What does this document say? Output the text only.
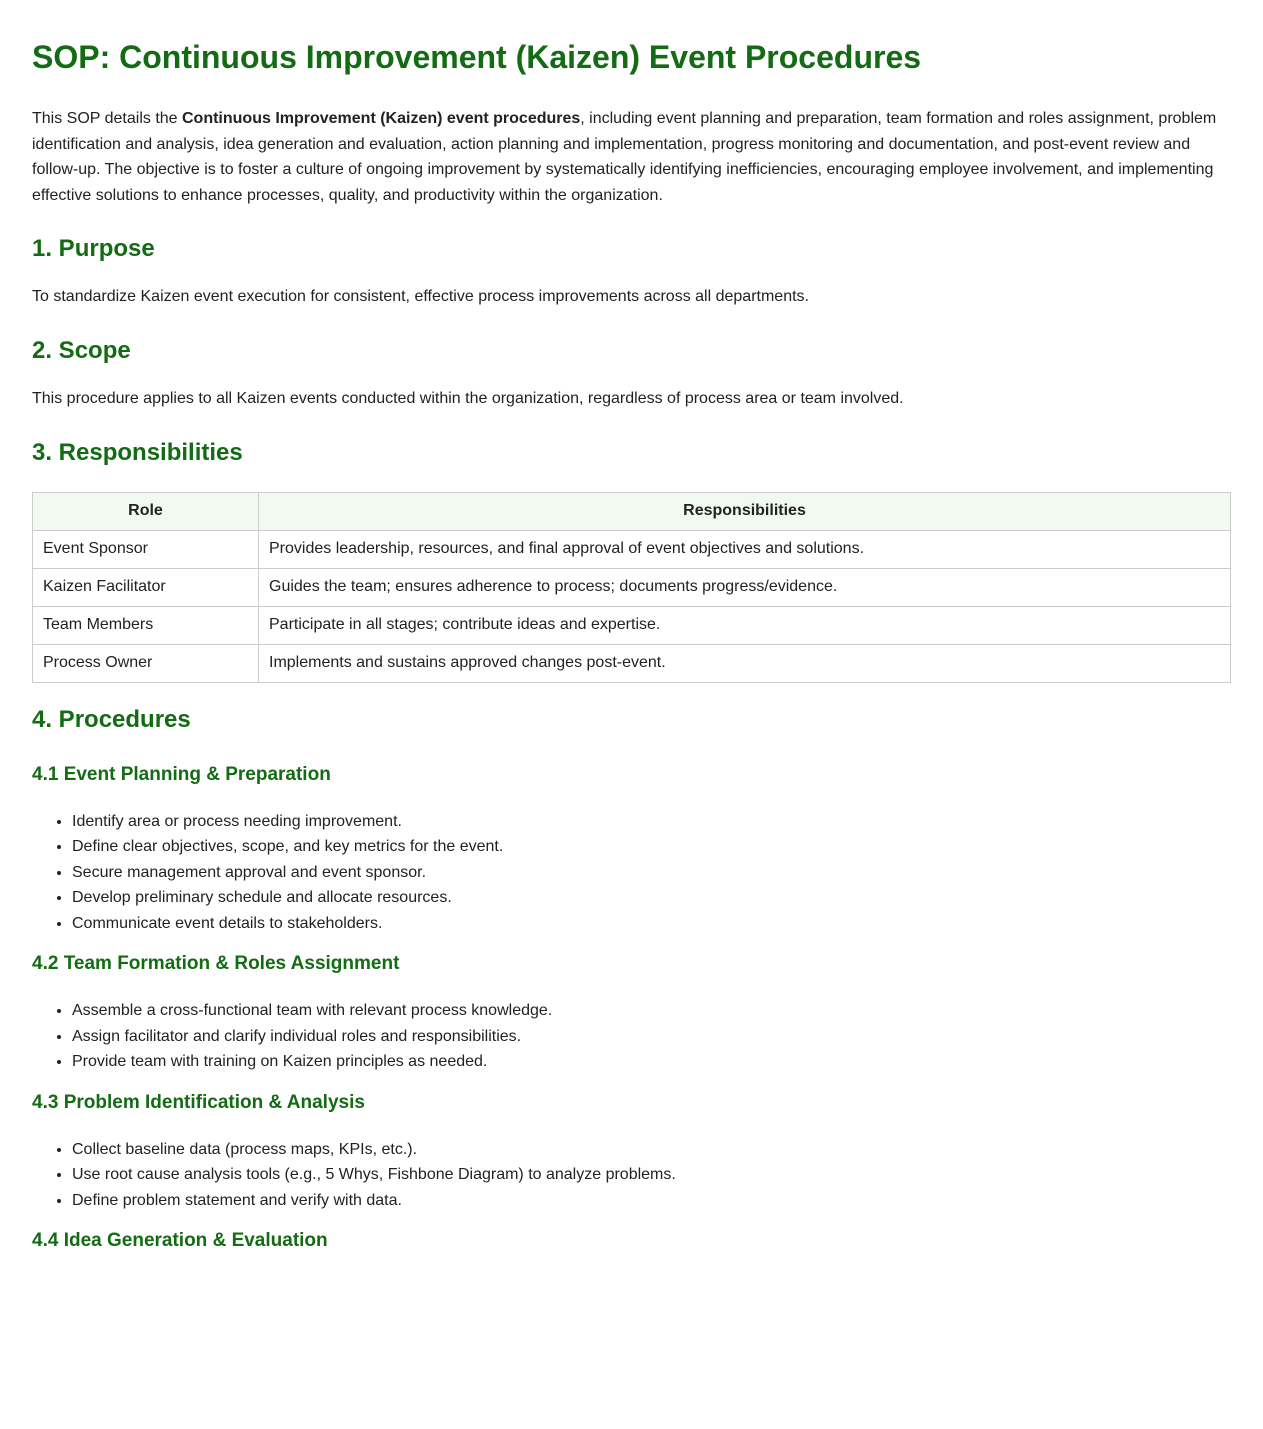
SOP: Continuous Improvement (Kaizen) Event Procedures

This SOP details the Continuous Improvement (Kaizen) event procedures, including event planning and preparation, team formation and roles assignment, problem identification and analysis, idea generation and evaluation, action planning and implementation, progress monitoring and documentation, and post-event review and follow-up. The objective is to foster a culture of ongoing improvement by systematically identifying inefficiencies, encouraging employee involvement, and implementing effective solutions to enhance processes, quality, and productivity within the organization.

1. Purpose

To standardize Kaizen event execution for consistent, effective process improvements across all departments.

2. Scope

This procedure applies to all Kaizen events conducted within the organization, regardless of process area or team involved.

3. Responsibilities
Role	Responsibilities
Event Sponsor	Provides leadership, resources, and final approval of event objectives and solutions.
Kaizen Facilitator	Guides the team; ensures adherence to process; documents progress/evidence.
Team Members	Participate in all stages; contribute ideas and expertise.
Process Owner	Implements and sustains approved changes post-event.
4. Procedures
4.1 Event Planning & Preparation
• Identify area or process needing improvement.
• Define clear objectives, scope, and key metrics for the event.
• Secure management approval and event sponsor.
• Develop preliminary schedule and allocate resources.
• Communicate event details to stakeholders.
4.2 Team Formation & Roles Assignment
• Assemble a cross-functional team with relevant process knowledge.
• Assign facilitator and clarify individual roles and responsibilities.
• Provide team with training on Kaizen principles as needed.
4.3 Problem Identification & Analysis
• Collect baseline data (process maps, KPIs, etc.).
• Use root cause analysis tools (e.g., 5 Whys, Fishbone Diagram) to analyze problems.
• Define problem statement and verify with data.
4.4 Idea Generation & Evaluation
